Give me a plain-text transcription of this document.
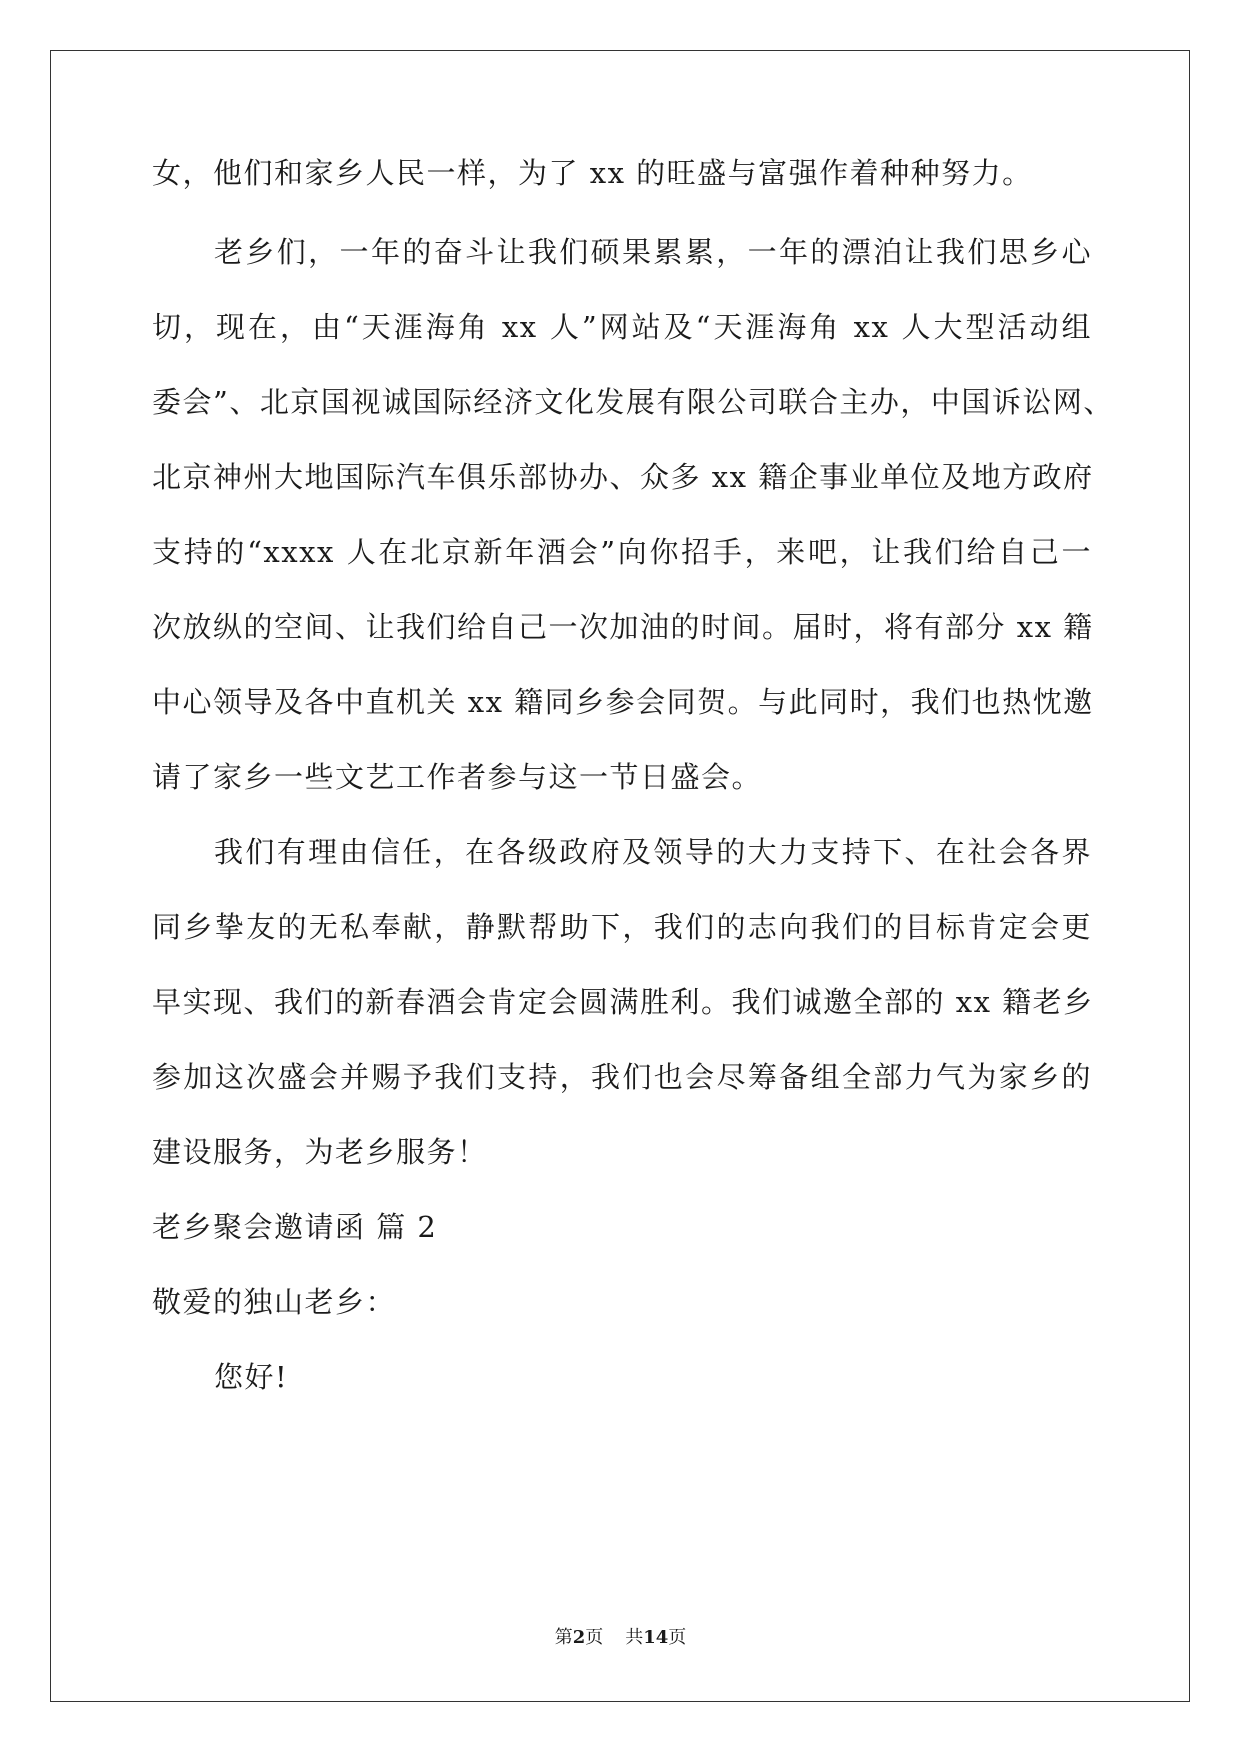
女，他们和家乡人民一样，为了 xx 的旺盛与富强作着种种努力。
老乡们，一年的奋斗让我们硕果累累，一年的漂泊让我们思乡心
切，现在，由“天涯海角 xx 人”网站及“天涯海角 xx 人大型活动组
委会”、北京国视诚国际经济文化发展有限公司联合主办，中国诉讼网、
北京神州大地国际汽车俱乐部协办、众多 xx 籍企事业单位及地方政府
支持的“xxxx 人在北京新年酒会”向你招手，来吧，让我们给自己一
次放纵的空间、让我们给自己一次加油的时间。届时，将有部分 xx 籍
中心领导及各中直机关 xx 籍同乡参会同贺。与此同时，我们也热忱邀
请了家乡一些文艺工作者参与这一节日盛会。
我们有理由信任，在各级政府及领导的大力支持下、在社会各界
同乡挚友的无私奉献，静默帮助下，我们的志向我们的目标肯定会更
早实现、我们的新春酒会肯定会圆满胜利。我们诚邀全部的 xx 籍老乡
参加这次盛会并赐予我们支持，我们也会尽筹备组全部力气为家乡的
建设服务，为老乡服务！
老乡聚会邀请函 篇 2
敬爱的独山老乡：
您好!
第2页 共14页
